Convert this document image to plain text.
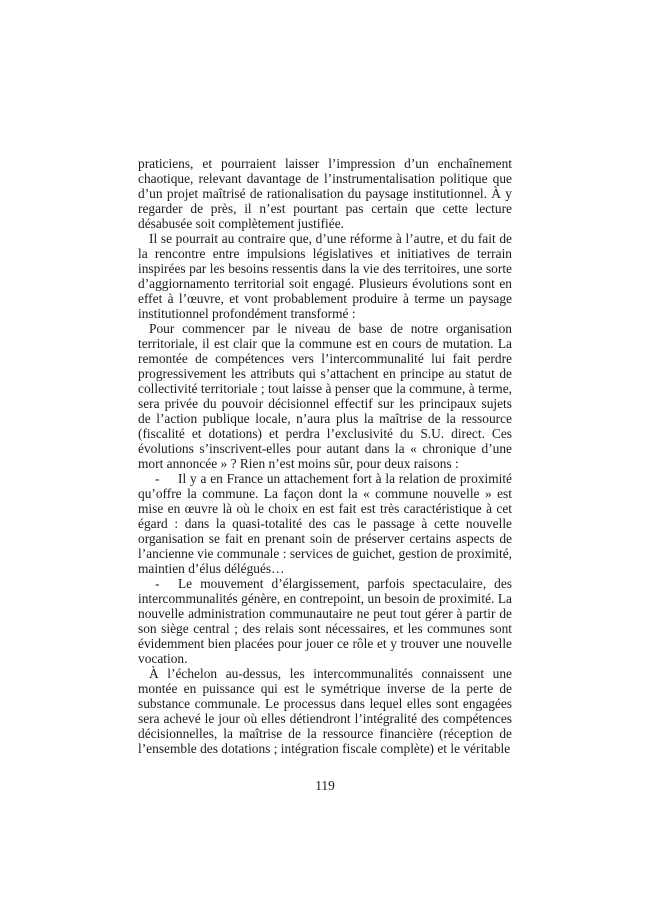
praticiens, et pourraient laisser l’impression d’un enchaînement chaotique, relevant davantage de l’instrumentalisation politique que d’un projet maîtrisé de rationalisation du paysage institutionnel. À y regarder de près, il n’est pourtant pas certain que cette lecture désabusée soit complètement justifiée.

Il se pourrait au contraire que, d’une réforme à l’autre, et du fait de la rencontre entre impulsions législatives et initiatives de terrain inspirées par les besoins ressentis dans la vie des territoires, une sorte d’aggiornamento territorial soit engagé. Plusieurs évolutions sont en effet à l’œuvre, et vont probablement produire à terme un paysage institutionnel profondément transformé :

Pour commencer par le niveau de base de notre organisation territoriale, il est clair que la commune est en cours de mutation. La remontée de compétences vers l’intercommunalité lui fait perdre progressivement les attributs qui s’attachent en principe au statut de collectivité territoriale ; tout laisse à penser que la commune, à terme, sera privée du pouvoir décisionnel effectif sur les principaux sujets de l’action publique locale, n’aura plus la maîtrise de la ressource (fiscalité et dotations) et perdra l’exclusivité du S.U. direct. Ces évolutions s’inscrivent-elles pour autant dans la « chronique d’une mort annoncée » ? Rien n’est moins sûr, pour deux raisons :

- Il y a en France un attachement fort à la relation de proximité qu’offre la commune. La façon dont la « commune nouvelle » est mise en œuvre là où le choix en est fait est très caractéristique à cet égard : dans la quasi-totalité des cas le passage à cette nouvelle organisation se fait en prenant soin de préserver certains aspects de l’ancienne vie communale : services de guichet, gestion de proximité, maintien d’élus délégués…

- Le mouvement d’élargissement, parfois spectaculaire, des intercommunalités génère, en contrepoint, un besoin de proximité. La nouvelle administration communautaire ne peut tout gérer à partir de son siège central ; des relais sont nécessaires, et les communes sont évidemment bien placées pour jouer ce rôle et y trouver une nouvelle vocation.

À l’échelon au-dessus, les intercommunalités connaissent une montée en puissance qui est le symétrique inverse de la perte de substance communale. Le processus dans lequel elles sont engagées sera achevé le jour où elles détiendront l’intégralité des compétences décisionnelles, la maîtrise de la ressource financière (réception de l’ensemble des dotations ; intégration fiscale complète) et le véritable

119
